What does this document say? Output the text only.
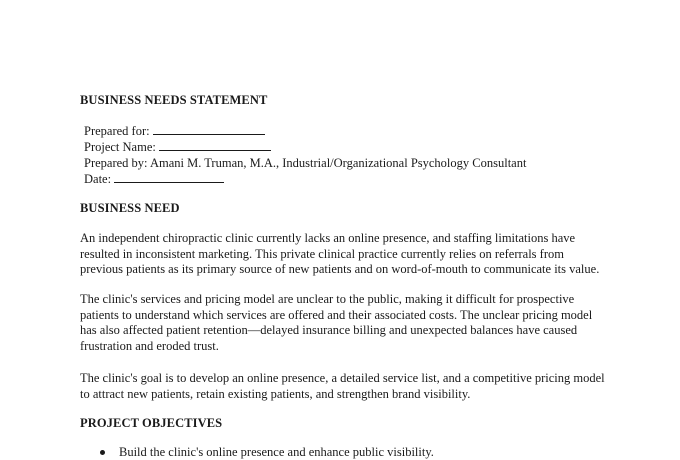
BUSINESS NEEDS STATEMENT
Prepared for:
Project Name:
Prepared by: Amani M. Truman, M.A., Industrial/Organizational Psychology Consultant
Date:
BUSINESS NEED
An independent chiropractic clinic currently lacks an online presence, and staffing limitations have resulted in inconsistent marketing. This private clinical practice currently relies on referrals from previous patients as its primary source of new patients and on word-of-mouth to communicate its value.
The clinic's services and pricing model are unclear to the public, making it difficult for prospective patients to understand which services are offered and their associated costs. The unclear pricing model has also affected patient retention—delayed insurance billing and unexpected balances have caused frustration and eroded trust.
The clinic's goal is to develop an online presence, a detailed service list, and a competitive pricing model to attract new patients, retain existing patients, and strengthen brand visibility.
PROJECT OBJECTIVES
Build the clinic's online presence and enhance public visibility.
